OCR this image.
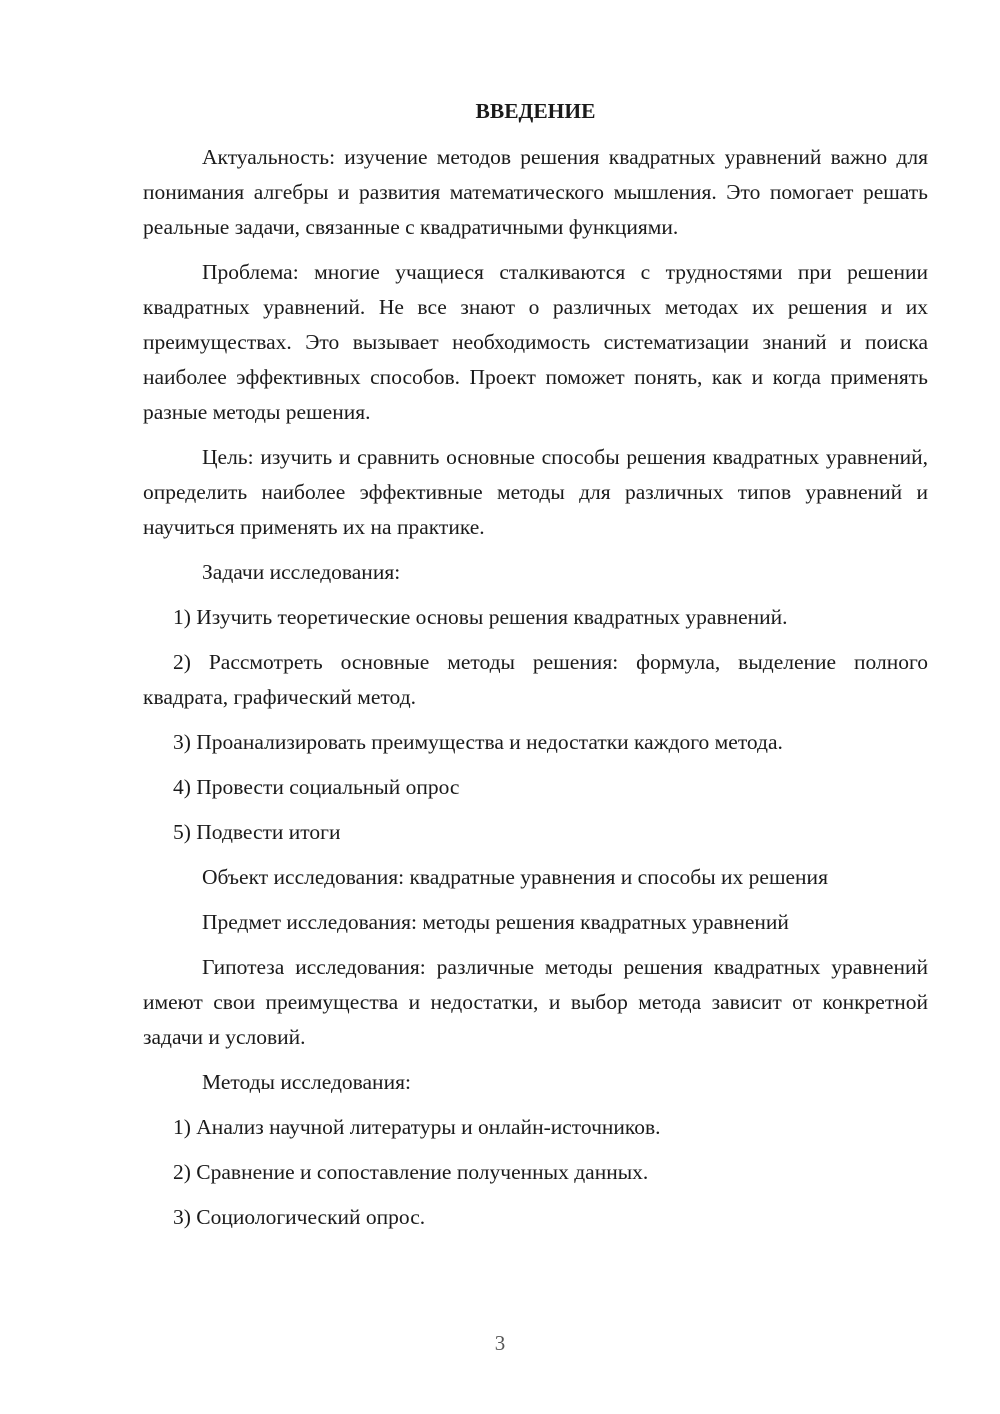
ВВЕДЕНИЕ

Актуальность: изучение методов решения квадратных уравнений важно для понимания алгебры и развития математического мышления. Это помогает решать реальные задачи, связанные с квадратичными функциями.

Проблема: многие учащиеся сталкиваются с трудностями при решении квадратных уравнений. Не все знают о различных методах их решения и их преимуществах. Это вызывает необходимость систематизации знаний и поиска наиболее эффективных способов. Проект поможет понять, как и когда применять разные методы решения.

Цель: изучить и сравнить основные способы решения квадратных уравнений, определить наиболее эффективные методы для различных типов уравнений и научиться применять их на практике.

Задачи исследования:

1) Изучить теоретические основы решения квадратных уравнений.

2) Рассмотреть основные методы решения: формула, выделение полного квадрата, графический метод.

3) Проанализировать преимущества и недостатки каждого метода.

4) Провести социальный опрос

5) Подвести итоги

Объект исследования: квадратные уравнения и способы их решения

Предмет исследования: методы решения квадратных уравнений

Гипотеза исследования: различные методы решения квадратных уравнений имеют свои преимущества и недостатки, и выбор метода зависит от конкретной задачи и условий.

Методы исследования:

1) Анализ научной литературы и онлайн-источников.

2) Сравнение и сопоставление полученных данных.

3) Социологический опрос.

3
